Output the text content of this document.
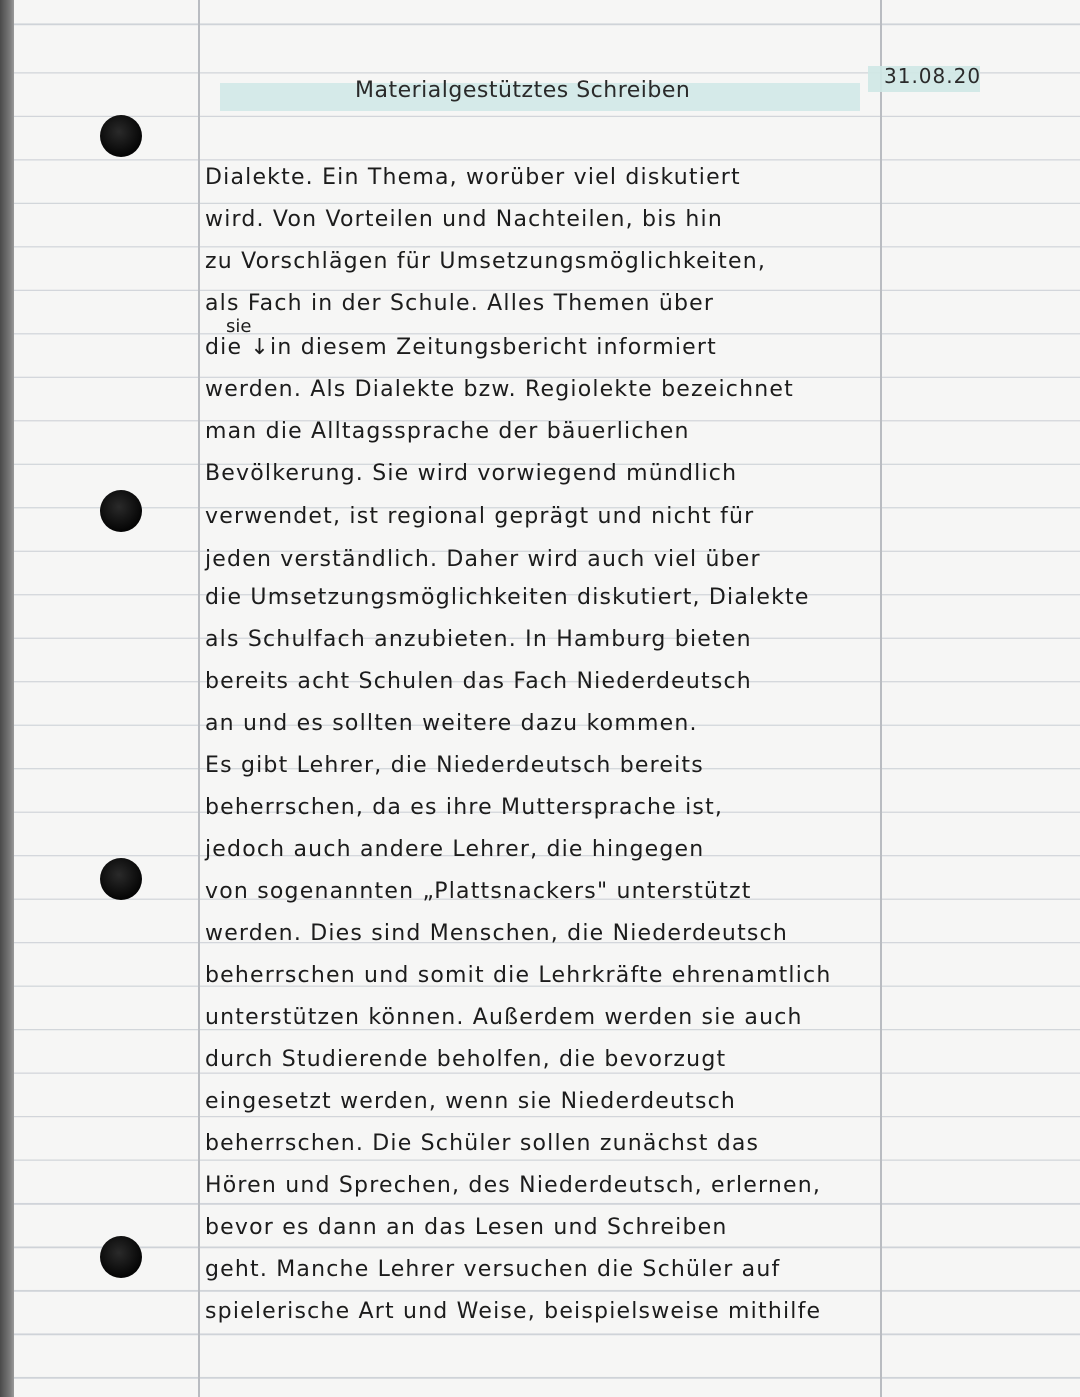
Materialgestütztes Schreiben
31.08.20
sie
Dialekte. Ein Thema, worüber viel diskutiert
wird. Von Vorteilen und Nachteilen, bis hin
zu Vorschlägen für Umsetzungsmöglichkeiten,
als Fach in der Schule. Alles Themen über
die ↓in diesem Zeitungsbericht informiert
werden. Als Dialekte bzw. Regiolekte bezeichnet
man die Alltagssprache der bäuerlichen
Bevölkerung. Sie wird vorwiegend mündlich
verwendet, ist regional geprägt und nicht für
jeden verständlich. Daher wird auch viel über
die Umsetzungsmöglichkeiten diskutiert, Dialekte
als Schulfach anzubieten. In Hamburg bieten
bereits acht Schulen das Fach Niederdeutsch
an und es sollten weitere dazu kommen.
Es gibt Lehrer, die Niederdeutsch bereits
beherrschen, da es ihre Muttersprache ist,
jedoch auch andere Lehrer, die hingegen
von sogenannten „Plattsnackers" unterstützt
werden. Dies sind Menschen, die Niederdeutsch
beherrschen und somit die Lehrkräfte ehrenamtlich
unterstützen können. Außerdem werden sie auch
durch Studierende beholfen, die bevorzugt
eingesetzt werden, wenn sie Niederdeutsch
beherrschen. Die Schüler sollen zunächst das
Hören und Sprechen, des Niederdeutsch, erlernen,
bevor es dann an das Lesen und Schreiben
geht. Manche Lehrer versuchen die Schüler auf
spielerische Art und Weise, beispielsweise mithilfe
